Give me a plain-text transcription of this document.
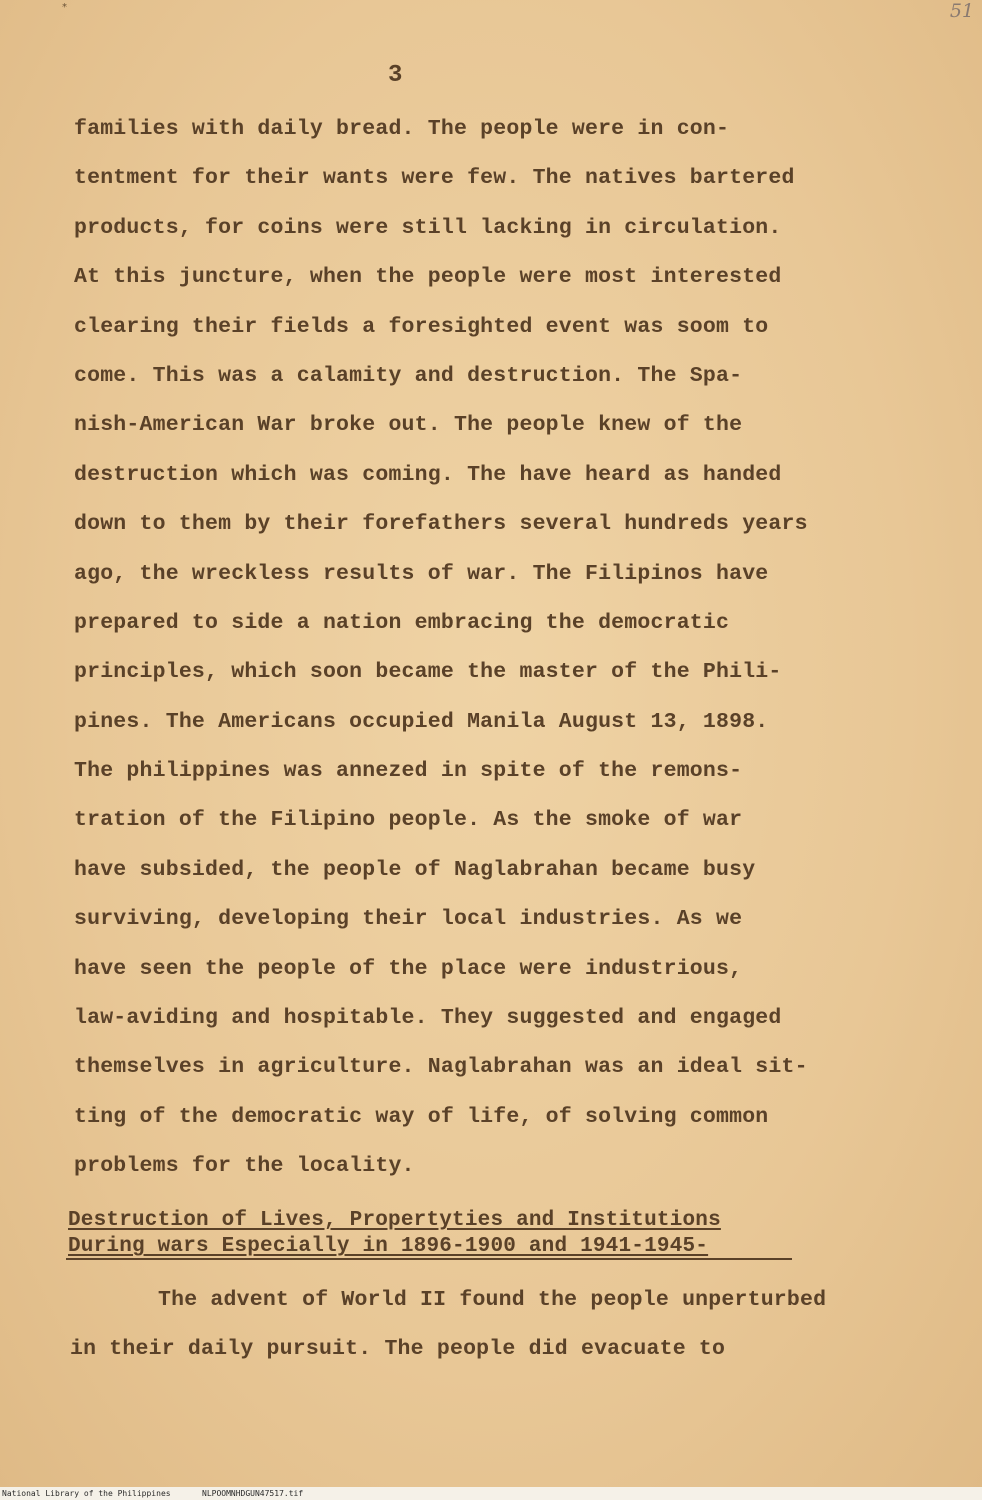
*	51
3
families with daily bread. The people were in con-
tentment for their wants were few. The natives bartered
products, for coins were still lacking in circulation.
At this juncture, when the people were most interested
clearing their fields a foresighted event was soom to
come. This was a calamity and destruction. The Spa-
nish-American War broke out. The people knew of the
destruction which was coming. The have heard as handed
down to them by their forefathers several hundreds years
ago, the wreckless results of war. The Filipinos have
prepared to side a nation embracing the democratic
principles, which soon became the master of the Phili-
pines. The Americans occupied Manila August 13, 1898.
The philippines was annezed in spite of the remons-
tration of the Filipino people. As the smoke of war
have subsided, the people of Naglabrahan became busy
surviving, developing their local industries. As we
have seen the people of the place were industrious,
law-aviding and hospitable. They suggested and engaged
themselves in agriculture. Naglabrahan was an ideal sit-
ting of the democratic way of life, of solving common
problems for the locality.
Destruction of Lives, Propertyties and Institutions
During wars Especially in 1896-1900 and 1941-1945-
The advent of World II found the people unperturbed
in their daily pursuit. The people did evacuate to
National Library of the Philippines	NLPOOMNHDGUN47517.tif
